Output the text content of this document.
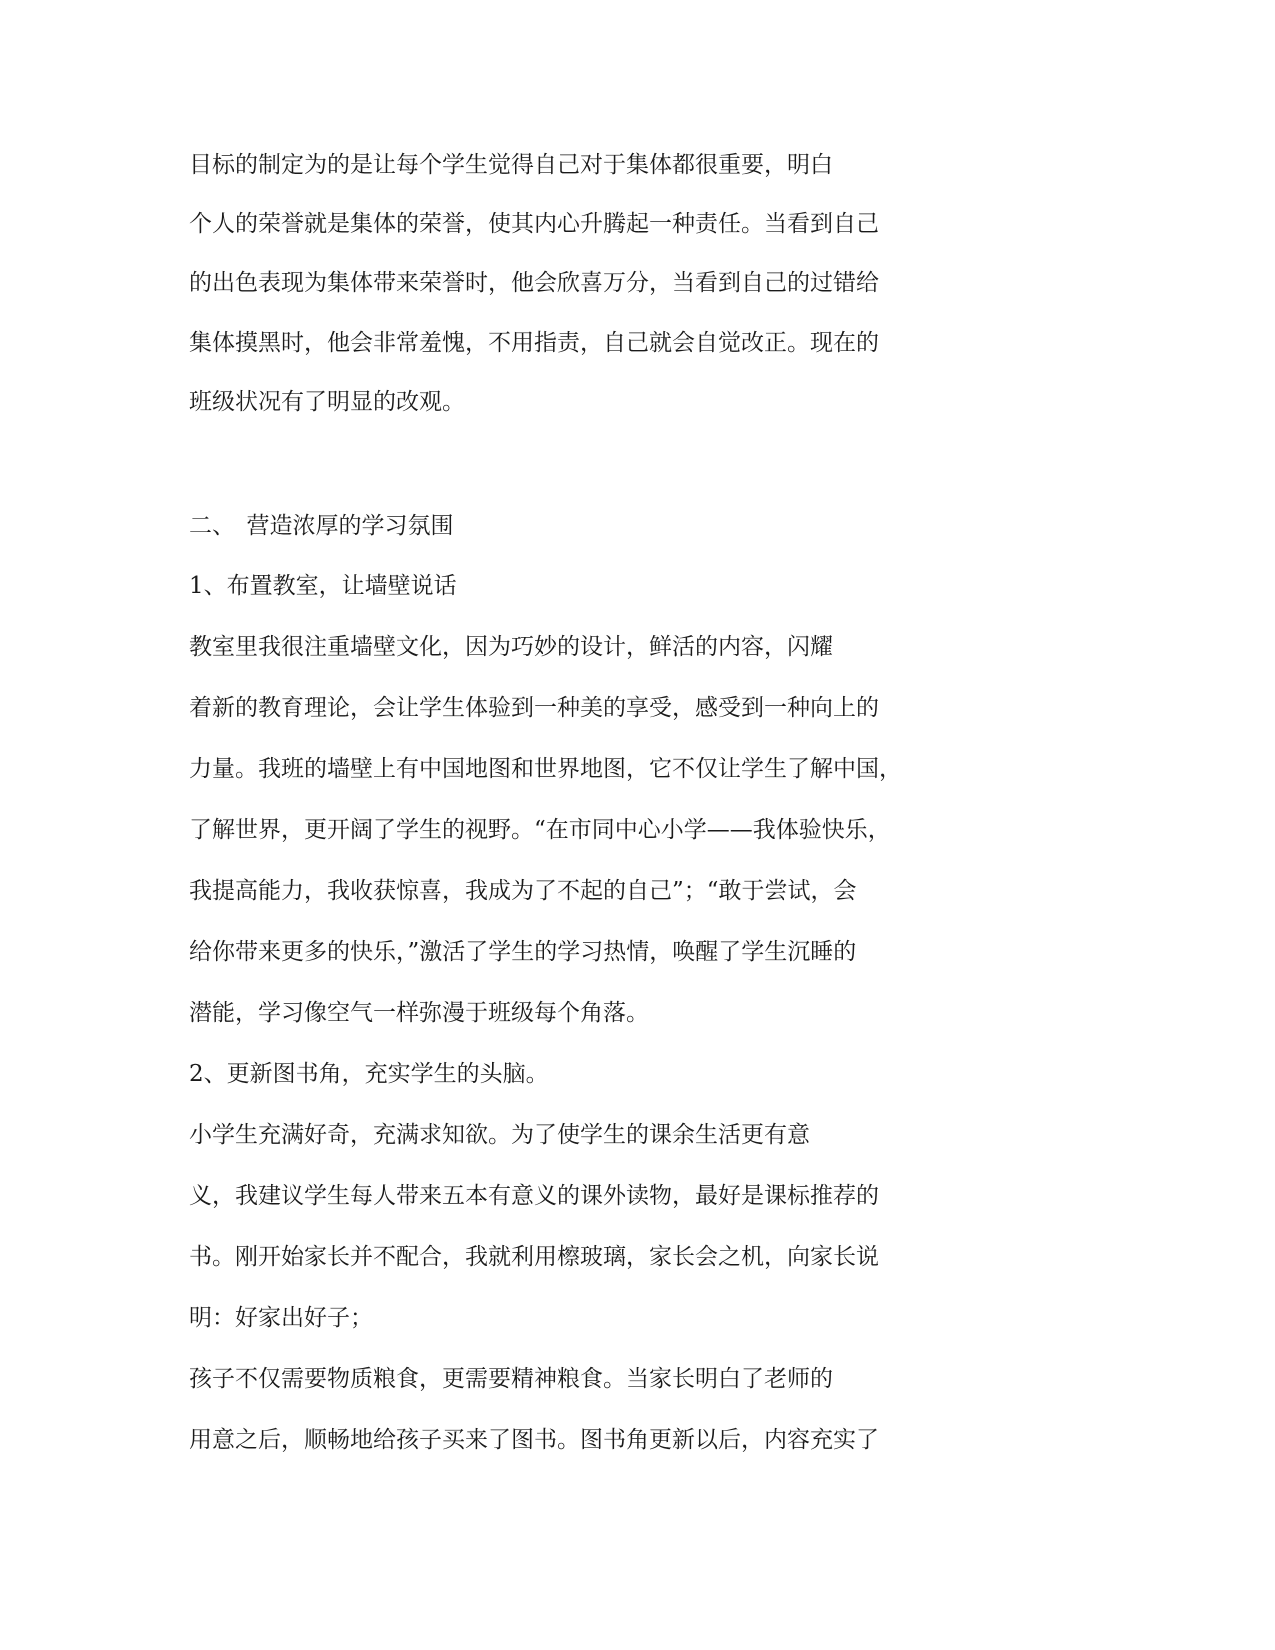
目标的制定为的是让每个学生觉得自己对于集体都很重要，明白
个人的荣誉就是集体的荣誉，使其内心升腾起一种责任。当看到自己
的出色表现为集体带来荣誉时，他会欣喜万分，当看到自己的过错给
集体摸黑时，他会非常羞愧，不用指责，自己就会自觉改正。现在的
班级状况有了明显的改观。
二、　营造浓厚的学习氛围
1、布置教室，让墙壁说话
教室里我很注重墙壁文化，因为巧妙的设计，鲜活的内容，闪耀
着新的教育理论，会让学生体验到一种美的享受，感受到一种向上的
力量。我班的墙壁上有中国地图和世界地图，它不仅让学生了解中国，
了解世界，更开阔了学生的视野。“在市同中心小学——我体验快乐，
我提高能力，我收获惊喜，我成为了不起的自己”；“敢于尝试，会
给你带来更多的快乐，”激活了学生的学习热情，唤醒了学生沉睡的
潜能，学习像空气一样弥漫于班级每个角落。
2、更新图书角，充实学生的头脑。
小学生充满好奇，充满求知欲。为了使学生的课余生活更有意
义，我建议学生每人带来五本有意义的课外读物，最好是课标推荐的
书。刚开始家长并不配合，我就利用檫玻璃，家长会之机，向家长说
明：好家出好子；
孩子不仅需要物质粮食，更需要精神粮食。当家长明白了老师的
用意之后，顺畅地给孩子买来了图书。图书角更新以后，内容充实了
